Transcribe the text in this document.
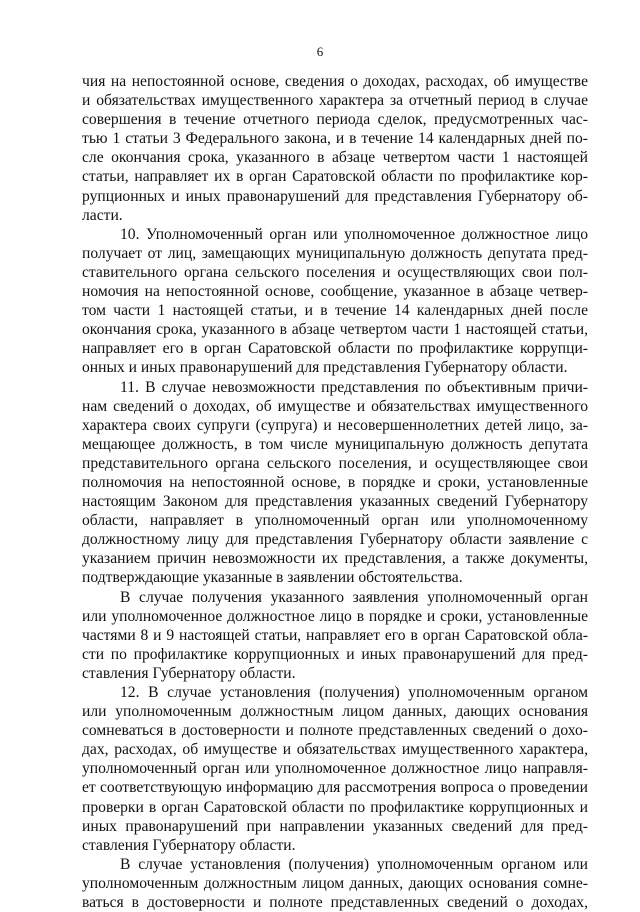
6
чия на непостоянной основе, сведения о доходах, расходах, об имуществе
и обязательствах имущественного характера за отчетный период в случае
совершения в течение отчетного периода сделок, предусмотренных час-
тью 1 статьи 3 Федерального закона, и в течение 14 календарных дней по-
сле окончания срока, указанного в абзаце четвертом части 1 настоящей
статьи, направляет их в орган Саратовской области по профилактике кор-
рупционных и иных правонарушений для представления Губернатору об-
ласти.
10. Уполномоченный орган или уполномоченное должностное лицо
получает от лиц, замещающих муниципальную должность депутата пред-
ставительного органа сельского поселения и осуществляющих свои пол-
номочия на непостоянной основе, сообщение, указанное в абзаце четвер-
том части 1 настоящей статьи, и в течение 14 календарных дней после
окончания срока, указанного в абзаце четвертом части 1 настоящей статьи,
направляет его в орган Саратовской области по профилактике коррупци-
онных и иных правонарушений для представления Губернатору области.
11. В случае невозможности представления по объективным причи-
нам сведений о доходах, об имуществе и обязательствах имущественного
характера своих супруги (супруга) и несовершеннолетних детей лицо, за-
мещающее должность, в том числе муниципальную должность депутата
представительного органа сельского поселения, и осуществляющее свои
полномочия на непостоянной основе, в порядке и сроки, установленные
настоящим Законом для представления указанных сведений Губернатору
области, направляет в уполномоченный орган или уполномоченному
должностному лицу для представления Губернатору области заявление с
указанием причин невозможности их представления, а также документы,
подтверждающие указанные в заявлении обстоятельства.
В случае получения указанного заявления уполномоченный орган
или уполномоченное должностное лицо в порядке и сроки, установленные
частями 8 и 9 настоящей статьи, направляет его в орган Саратовской обла-
сти по профилактике коррупционных и иных правонарушений для пред-
ставления Губернатору области.
12. В случае установления (получения) уполномоченным органом
или уполномоченным должностным лицом данных, дающих основания
сомневаться в достоверности и полноте представленных сведений о дохо-
дах, расходах, об имуществе и обязательствах имущественного характера,
уполномоченный орган или уполномоченное должностное лицо направля-
ет соответствующую информацию для рассмотрения вопроса о проведении
проверки в орган Саратовской области по профилактике коррупционных и
иных правонарушений при направлении указанных сведений для пред-
ставления Губернатору области.
В случае установления (получения) уполномоченным органом или
уполномоченным должностным лицом данных, дающих основания сомне-
ваться в достоверности и полноте представленных сведений о доходах,
